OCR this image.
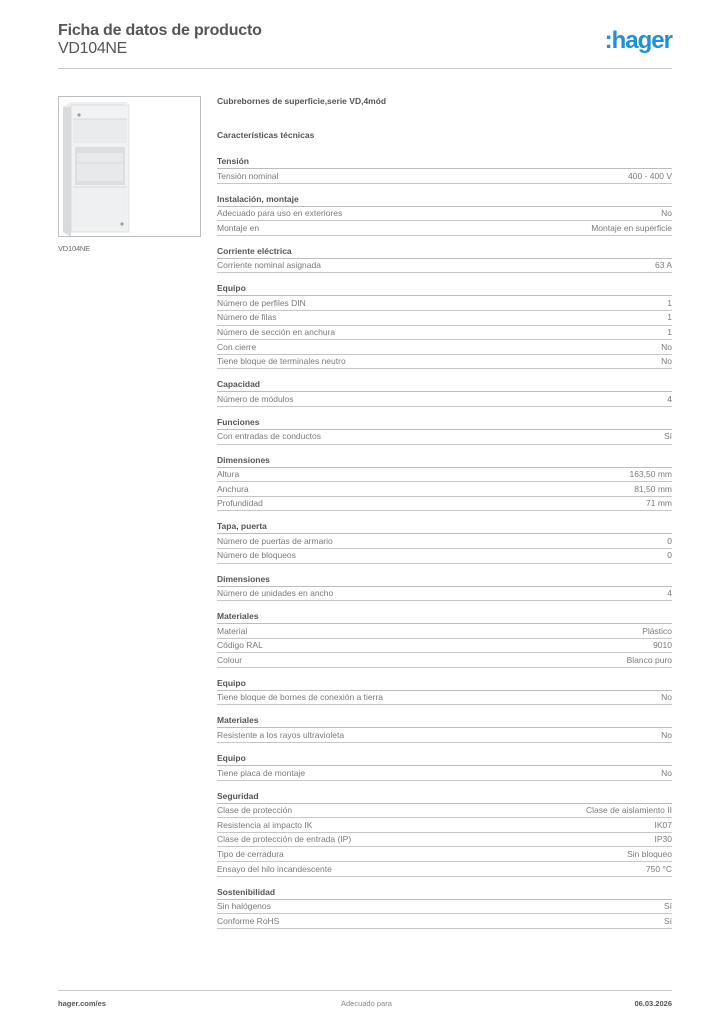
Ficha de datos de producto
VD104NE	:hager
VD104NE
Cubrebornes de superficie,serie VD,4mód
Características técnicas
Tensión
Tensión nominal	400 - 400 V
Instalación, montaje
Adecuado para uso en exteriores	No
Montaje en	Montaje en superficie
Corriente eléctrica
Corriente nominal asignada	63 A
Equipo
Número de perfiles DIN	1
Número de filas	1
Número de sección en anchura	1
Con cierre	No
Tiene bloque de terminales neutro	No
Capacidad
Número de módulos	4
Funciones
Con entradas de conductos	Sí
Dimensiones
Altura	163,50 mm
Anchura	81,50 mm
Profundidad	71 mm
Tapa, puerta
Número de puertas de armario	0
Número de bloqueos	0
Dimensiones
Número de unidades en ancho	4
Materiales
Material	Plástico
Código RAL	9010
Colour	Blanco puro
Equipo
Tiene bloque de bornes de conexión a tierra	No
Materiales
Resistente a los rayos ultravioleta	No
Equipo
Tiene placa de montaje	No
Seguridad
Clase de protección	Clase de aislamiento II
Resistencia al impacto IK	IK07
Clase de protección de entrada (IP)	IP30
Tipo de cerradura	Sin bloqueo
Ensayo del hilo incandescente	750 °C
Sostenibilidad
Sin halógenos	Sí
Conforme RoHS	Sí
hager.com/es	Adecuado para	06.03.2026
